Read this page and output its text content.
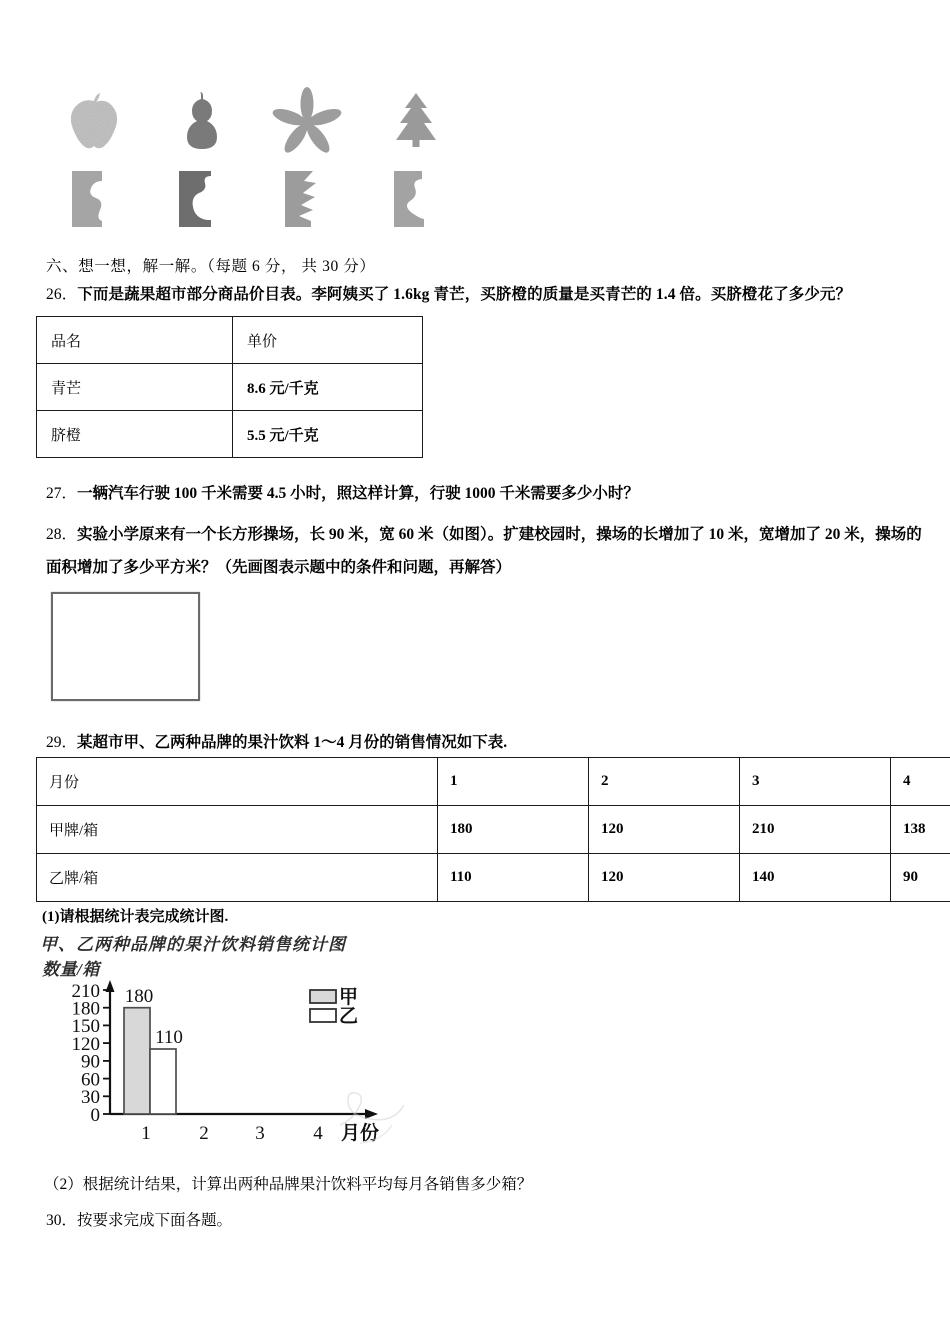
六、想一想，解一解。（每题 6 分， 共 30 分）
26．下而是蔬果超市部分商品价目表。李阿姨买了 1.6kg 青芒，买脐橙的质量是买青芒的 1.4 倍。买脐橙花了多少元？
品名	单价
青芒	8.6 元/千克
脐橙	5.5 元/千克
27．一辆汽车行驶 100 千米需要 4.5 小时，照这样计算，行驶 1000 千米需要多少小时？
28．实验小学原来有一个长方形操场，长 90 米，宽 60 米（如图）。扩建校园时，操场的长增加了 10 米，宽增加了 20 米，操场的面积增加了多少平方米？（先画图表示题中的条件和问题，再解答）
29．某超市甲、乙两种品牌的果汁饮料 1～4 月份的销售情况如下表.
月份	1	2	3	4
甲牌/箱	180	120	210	138
乙牌/箱	110	120	140	90
(1)请根据统计表完成统计图.
甲、乙两种品牌的果汁饮料销售统计图
数量/箱
0
30
60
90
120
150
180
210 180
110
1	2 3	4 月份
甲
乙
（2）根据统计结果，计算出两种品牌果汁饮料平均每月各销售多少箱？
30．按要求完成下面各题。
